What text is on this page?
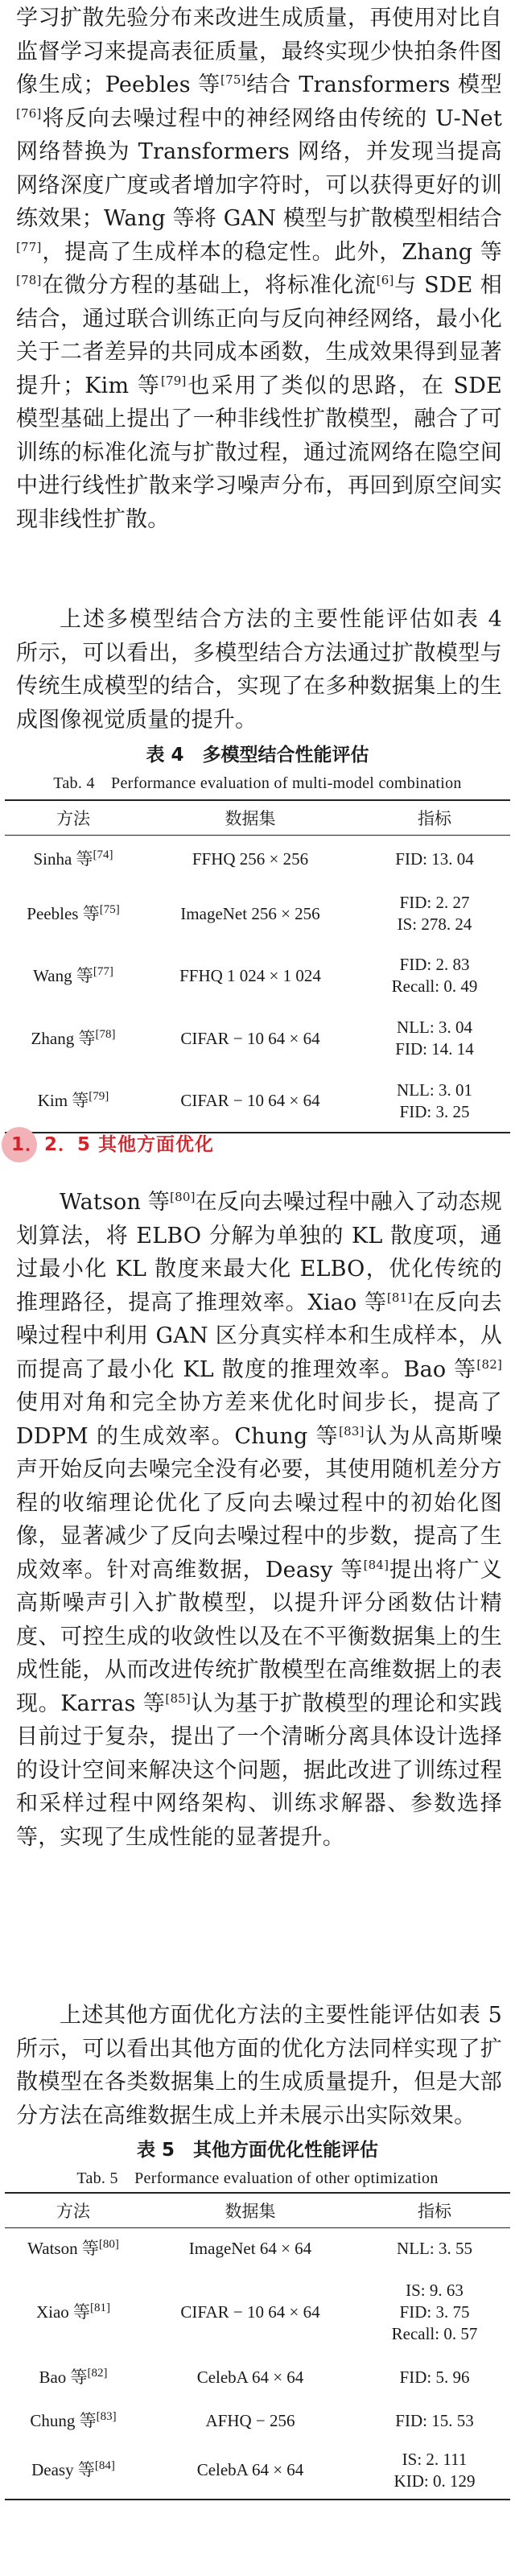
学习扩散先验分布来改进生成质量，再使用对比自监督学习来提高表征质量，最终实现少快拍条件图像生成；Peebles 等[75]结合 Transformers 模型[76]将反向去噪过程中的神经网络由传统的 U-Net 网络替换为 Transformers 网络，并发现当提高网络深度广度或者增加字符时，可以获得更好的训练效果；Wang 等将 GAN 模型与扩散模型相结合[77]，提高了生成样本的稳定性。此外，Zhang 等[78]在微分方程的基础上，将标准化流[6]与 SDE 相结合，通过联合训练正向与反向神经网络，最小化关于二者差异的共同成本函数，生成效果得到显著提升；Kim 等[79]也采用了类似的思路，在 SDE 模型基础上提出了一种非线性扩散模型，融合了可训练的标准化流与扩散过程，通过流网络在隐空间中进行线性扩散来学习噪声分布，再回到原空间实现非线性扩散。

上述多模型结合方法的主要性能评估如表 4 所示，可以看出，多模型结合方法通过扩散模型与传统生成模型的结合，实现了在多种数据集上的生成图像视觉质量的提升。

表 4　多模型结合性能评估
Tab. 4　Performance evaluation of multi-model combination
方法	数据集	指标
Sinha 等[74]	FFHQ 256 × 256	FID: 13. 04

Peebles 等[75]	ImageNet 256 × 256	FID: 2. 27
IS: 278. 24

Wang 等[77]	FFHQ 1 024 × 1 024	FID: 2. 83
Recall: 0. 49

Zhang 等[78]	CIFAR − 10 64 × 64	NLL: 3. 04
FID: 14. 14

Kim 等[79]	CIFAR − 10 64 × 64	NLL: 3. 01
FID: 3. 25
1．2．5 其他方面优化

Watson 等[80]在反向去噪过程中融入了动态规划算法，将 ELBO 分解为单独的 KL 散度项，通过最小化 KL 散度来最大化 ELBO，优化传统的推理路径，提高了推理效率。Xiao 等[81]在反向去噪过程中利用 GAN 区分真实样本和生成样本，从而提高了最小化 KL 散度的推理效率。Bao 等[82]使用对角和完全协方差来优化时间步长，提高了 DDPM 的生成效率。Chung 等[83]认为从高斯噪声开始反向去噪完全没有必要，其使用随机差分方程的收缩理论优化了反向去噪过程中的初始化图像，显著减少了反向去噪过程中的步数，提高了生成效率。针对高维数据，Deasy 等[84]提出将广义高斯噪声引入扩散模型，以提升评分函数估计精度、可控生成的收敛性以及在不平衡数据集上的生成性能，从而改进传统扩散模型在高维数据上的表现。Karras 等[85]认为基于扩散模型的理论和实践目前过于复杂，提出了一个清晰分离具体设计选择的设计空间来解决这个问题，据此改进了训练过程和采样过程中网络架构、训练求解器、参数选择等，实现了生成性能的显著提升。

上述其他方面优化方法的主要性能评估如表 5 所示，可以看出其他方面的优化方法同样实现了扩散模型在各类数据集上的生成质量提升，但是大部分方法在高维数据生成上并未展示出实际效果。

表 5　其他方面优化性能评估
Tab. 5　Performance evaluation of other optimization
方法	数据集	指标
Watson 等[80]	ImageNet 64 × 64	NLL: 3. 55

Xiao 等[81]	CIFAR − 10 64 × 64	IS: 9. 63
FID: 3. 75
Recall: 0. 57

Bao 等[82]	CelebA 64 × 64	FID: 5. 96

Chung 等[83]	AFHQ − 256	FID: 15. 53

Deasy 等[84]	CelebA 64 × 64	IS: 2. 111
KID: 0. 129
